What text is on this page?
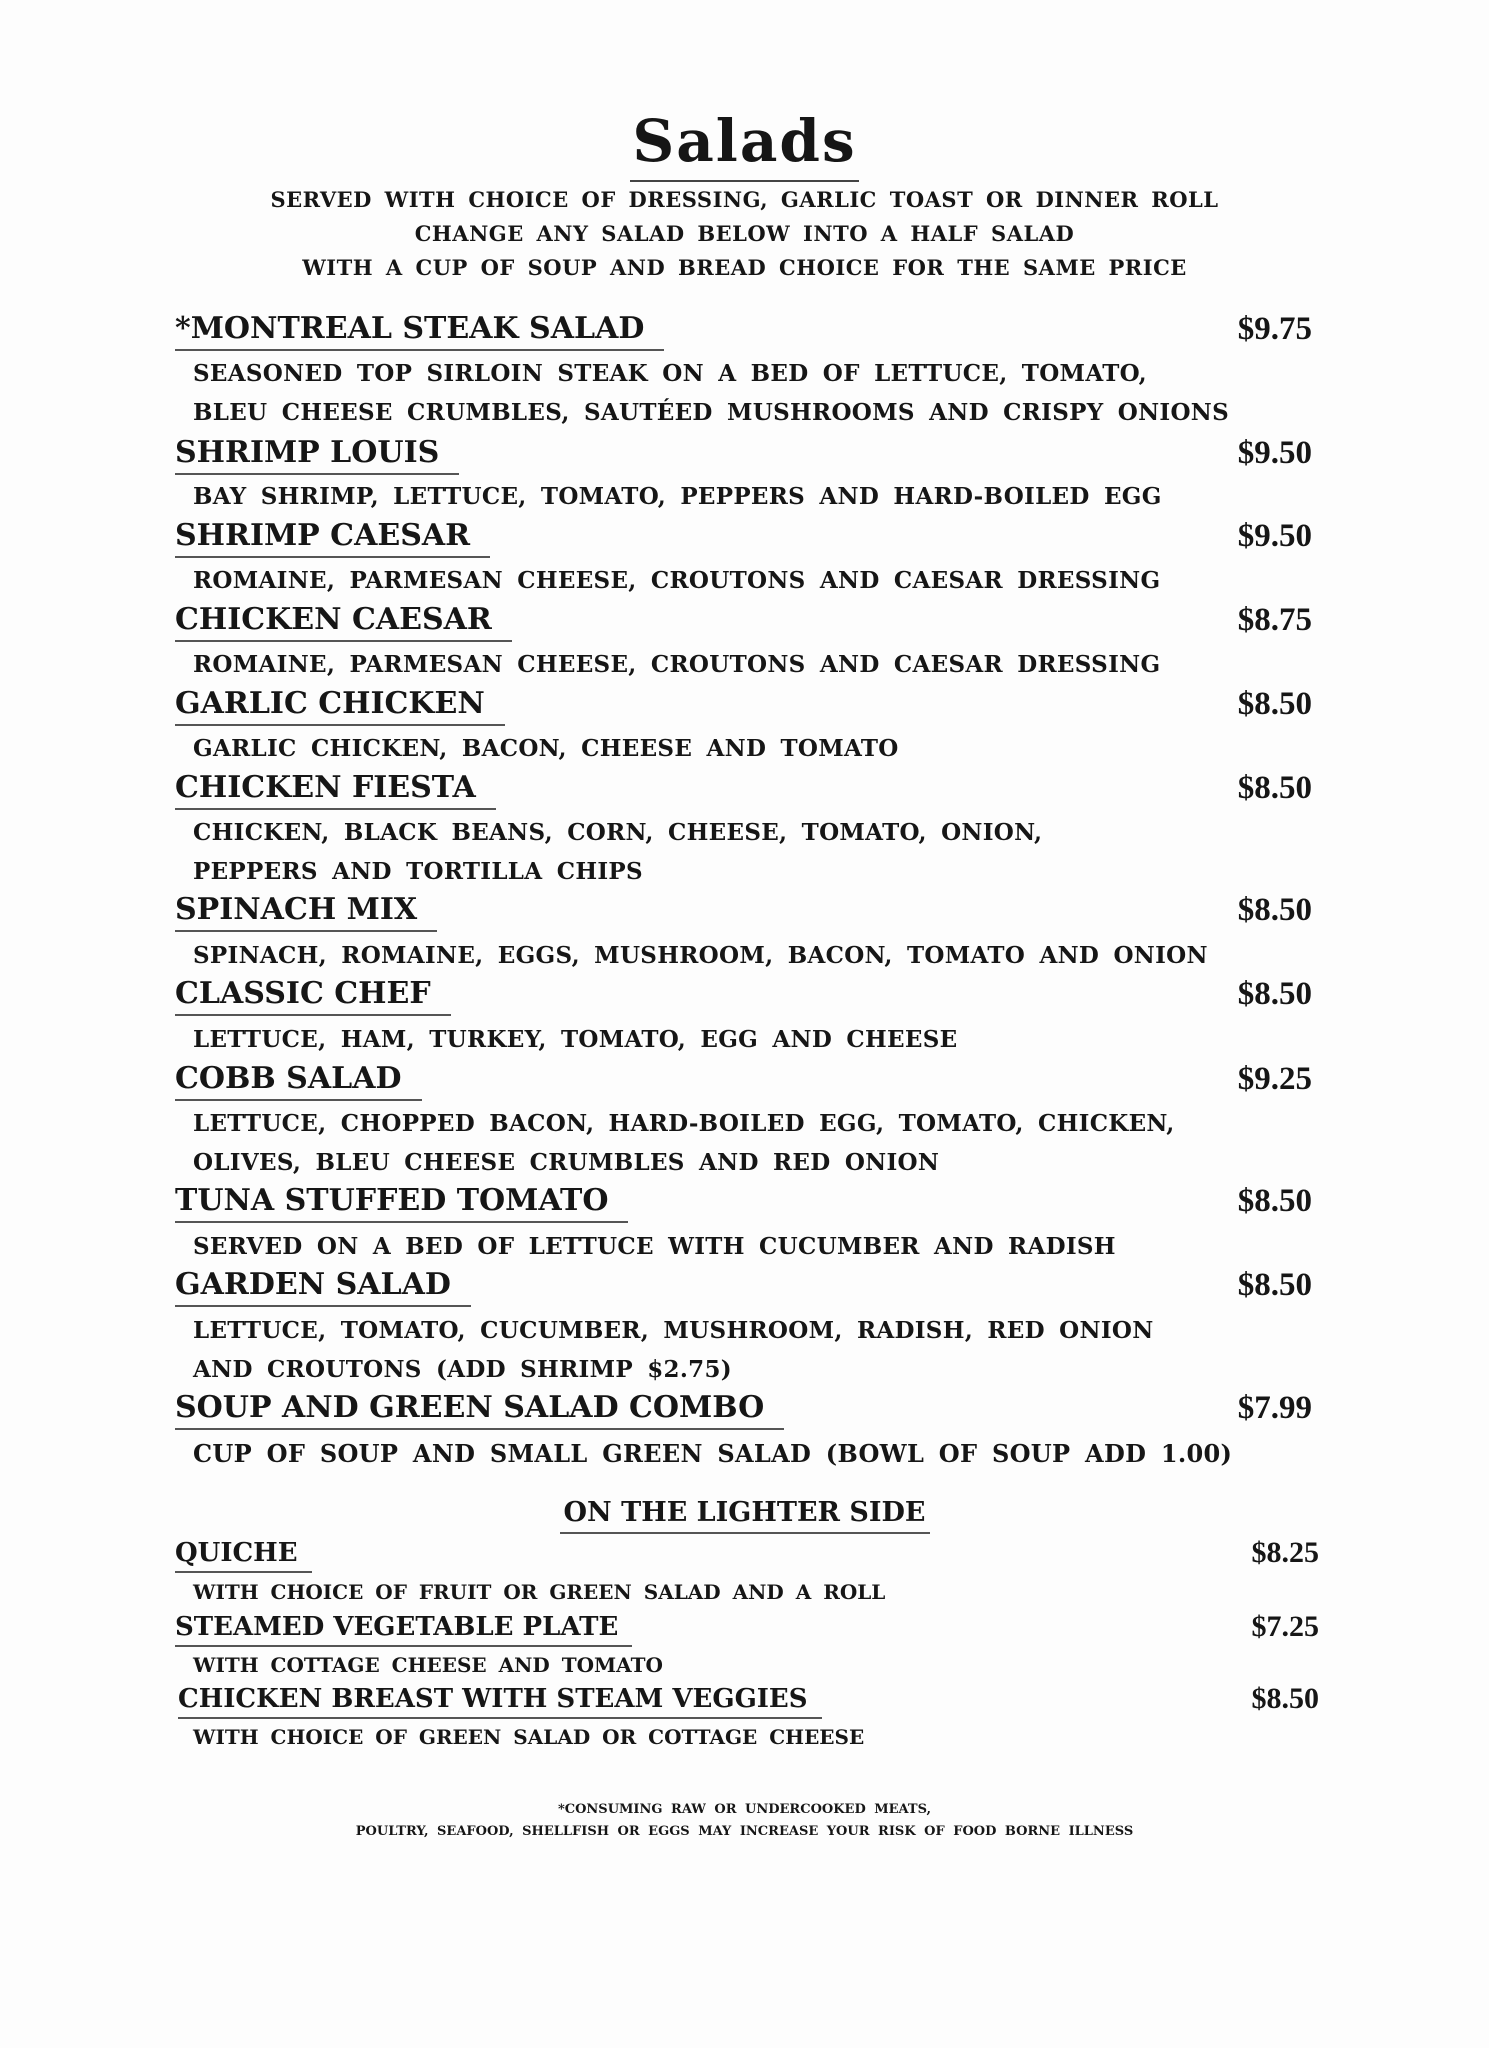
Salads
SERVED WITH CHOICE OF DRESSING, GARLIC TOAST OR DINNER ROLL
CHANGE ANY SALAD BELOW INTO A HALF SALAD
WITH A CUP OF SOUP AND BREAD CHOICE FOR THE SAME PRICE
*MONTREAL STEAK SALAD	$9.75
SEASONED TOP SIRLOIN STEAK ON A BED OF LETTUCE, TOMATO,
BLEU CHEESE CRUMBLES, SAUTÉED MUSHROOMS AND CRISPY ONIONS
SHRIMP LOUIS	$9.50
BAY SHRIMP, LETTUCE, TOMATO, PEPPERS AND HARD-BOILED EGG
SHRIMP CAESAR	$9.50
ROMAINE, PARMESAN CHEESE, CROUTONS AND CAESAR DRESSING
CHICKEN CAESAR	$8.75
ROMAINE, PARMESAN CHEESE, CROUTONS AND CAESAR DRESSING
GARLIC CHICKEN	$8.50
GARLIC CHICKEN, BACON, CHEESE AND TOMATO
CHICKEN FIESTA	$8.50
CHICKEN, BLACK BEANS, CORN, CHEESE, TOMATO, ONION,
PEPPERS AND TORTILLA CHIPS
SPINACH MIX	$8.50
SPINACH, ROMAINE, EGGS, MUSHROOM, BACON, TOMATO AND ONION
CLASSIC CHEF	$8.50
LETTUCE, HAM, TURKEY, TOMATO, EGG AND CHEESE
COBB SALAD	$9.25
LETTUCE, CHOPPED BACON, HARD-BOILED EGG, TOMATO, CHICKEN,
OLIVES, BLEU CHEESE CRUMBLES AND RED ONION
TUNA STUFFED TOMATO	$8.50
SERVED ON A BED OF LETTUCE WITH CUCUMBER AND RADISH
GARDEN SALAD	$8.50
LETTUCE, TOMATO, CUCUMBER, MUSHROOM, RADISH, RED ONION
AND CROUTONS (ADD SHRIMP $2.75)
SOUP AND GREEN SALAD COMBO	$7.99
CUP OF SOUP AND SMALL GREEN SALAD (BOWL OF SOUP ADD 1.00)
ON THE LIGHTER SIDE
QUICHE	$8.25
WITH CHOICE OF FRUIT OR GREEN SALAD AND A ROLL
STEAMED VEGETABLE PLATE	$7.25
WITH COTTAGE CHEESE AND TOMATO
CHICKEN BREAST WITH STEAM VEGGIES	$8.50
WITH CHOICE OF GREEN SALAD OR COTTAGE CHEESE
*CONSUMING RAW OR UNDERCOOKED MEATS,
POULTRY, SEAFOOD, SHELLFISH OR EGGS MAY INCREASE YOUR RISK OF FOOD BORNE ILLNESS
